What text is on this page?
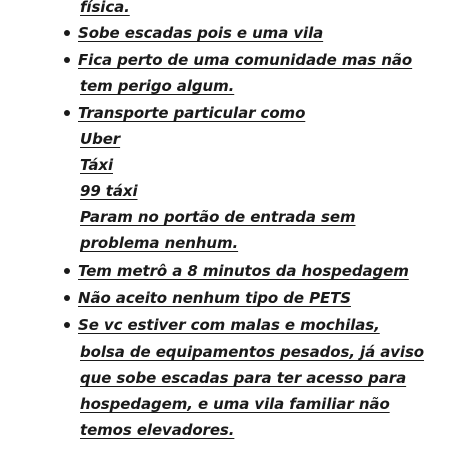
física.
Sobe escadas pois e uma vila
Fica perto de uma comunidade mas não
tem perigo algum.
Transporte particular como
Uber
Táxi
99 táxi
Param no portão de entrada sem
problema nenhum.
Tem metrô a 8 minutos da hospedagem
Não aceito nenhum tipo de PETS
Se vc estiver com malas e mochilas,
bolsa de equipamentos pesados, já aviso
que sobe escadas para ter acesso para
hospedagem, e uma vila familiar não
temos elevadores.
